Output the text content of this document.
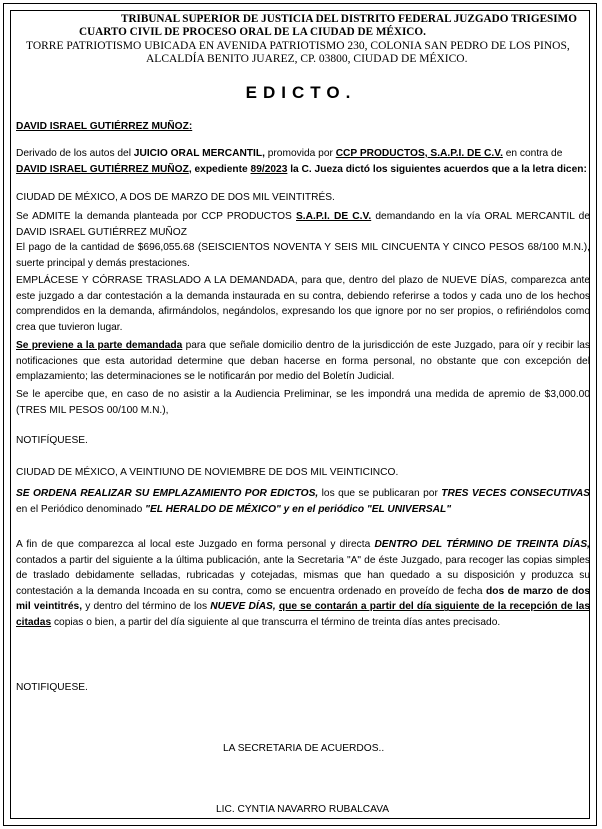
TRIBUNAL SUPERIOR DE JUSTICIA DEL DISTRITO FEDERAL JUZGADO TRIGESIMO
CUARTO CIVIL DE PROCESO ORAL DE LA CIUDAD DE MÉXICO.
TORRE PATRIOTISMO UBICADA EN AVENIDA PATRIOTISMO 230, COLONIA SAN PEDRO DE LOS PINOS,
ALCALDÍA BENITO JUAREZ, CP. 03800, CIUDAD DE MÉXICO.
EDICTO.
DAVID ISRAEL GUTIÉRREZ MUÑOZ:
Derivado de los autos del JUICIO ORAL MERCANTIL, promovida por CCP PRODUCTOS, S.A.P.I. DE C.V. en contra de
DAVID ISRAEL GUTIÉRREZ MUÑOZ, expediente 89/2023 la C. Jueza dictó los siguientes acuerdos que a la letra dicen:
CIUDAD DE MÉXICO, A DOS DE MARZO DE DOS MIL VEINTITRÉS.
Se ADMITE la demanda planteada por CCP PRODUCTOS S.A.P.I. DE C.V. demandando en la vía ORAL MERCANTIL de DAVID ISRAEL GUTIÉRREZ MUÑOZ
El pago de la cantidad de $696,055.68 (SEISCIENTOS NOVENTA Y SEIS MIL CINCUENTA Y CINCO PESOS 68/100 M.N.), suerte principal y demás prestaciones.
EMPLÁCESE Y CÓRRASE TRASLADO A LA DEMANDADA, para que, dentro del plazo de NUEVE DÍAS, comparezca ante este juzgado a dar contestación a la demanda instaurada en su contra, debiendo referirse a todos y cada uno de los hechos comprendidos en la demanda, afirmándolos, negándolos, expresando los que ignore por no ser propios, o refiriéndolos como crea que tuvieron lugar.
Se previene a la parte demandada para que señale domicilio dentro de la jurisdicción de este Juzgado, para oír y recibir las notificaciones que esta autoridad determine que deban hacerse en forma personal, no obstante que con excepción del emplazamiento; las determinaciones se le notificarán por medio del Boletín Judicial.
Se le apercibe que, en caso de no asistir a la Audiencia Preliminar, se les impondrá una medida de apremio de $3,000.00 (TRES MIL PESOS 00/100 M.N.),
NOTIFÍQUESE.
CIUDAD DE MÉXICO, A VEINTIUNO DE NOVIEMBRE DE DOS MIL VEINTICINCO.
SE ORDENA REALIZAR SU EMPLAZAMIENTO POR EDICTOS, los que se publicaran por TRES VECES CONSECUTIVAS en el Periódico denominado "EL HERALDO DE MÉXICO" y en el periódico "EL UNIVERSAL"
A fin de que comparezca al local este Juzgado en forma personal y directa DENTRO DEL TÉRMINO DE TREINTA DÍAS, contados a partir del siguiente a la última publicación, ante la Secretaria "A" de éste Juzgado, para recoger las copias simples de traslado debidamente selladas, rubricadas y cotejadas, mismas que han quedado a su disposición y produzca su contestación a la demanda Incoada en su contra, como se encuentra ordenado en proveído de fecha dos de marzo de dos mil veintitrés, y dentro del término de los NUEVE DÍAS, que se contarán a partir del día siguiente de la recepción de las citadas copias o bien, a partir del día siguiente al que transcurra el término de treinta días antes precisado.
NOTIFIQUESE.
LA SECRETARIA DE ACUERDOS..
LIC. CYNTIA NAVARRO RUBALCAVA
